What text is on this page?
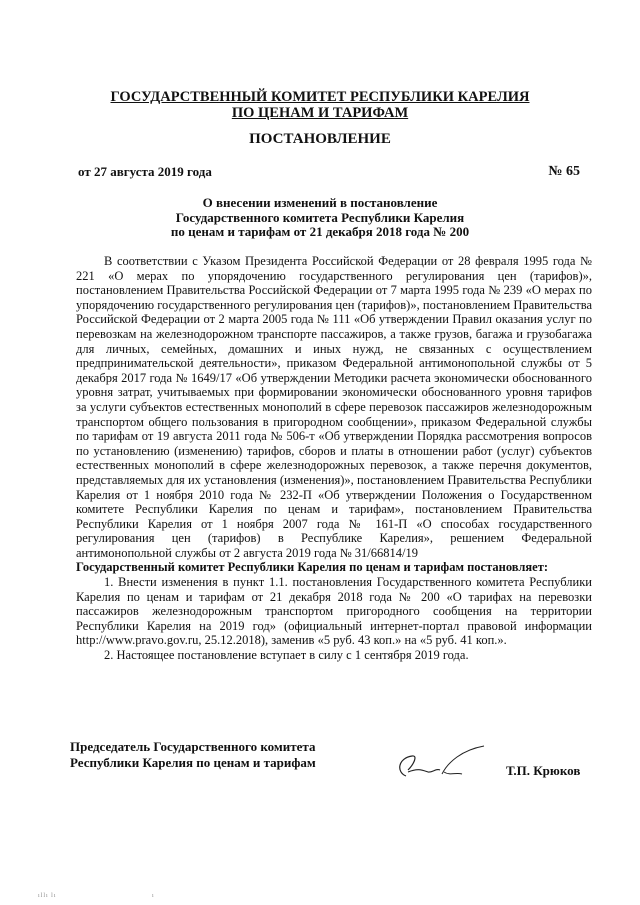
ГОСУДАРСТВЕННЫЙ КОМИТЕТ РЕСПУБЛИКИ КАРЕЛИЯ
ПО ЦЕНАМ И ТАРИФАМ
ПОСТАНОВЛЕНИЕ
от 27 августа 2019 года	№ 65
О внесении изменений в постановление
Государственного комитета Республики Карелия
по ценам и тарифам от 21 декабря 2018 года № 200

В соответствии с Указом Президента Российской Федерации от 28 февраля 1995 года № 221 «О мерах по упорядочению государственного регулирования цен (тарифов)», постановлением Правительства Российской Федерации от 7 марта 1995 года № 239 «О мерах по упорядочению государственного регулирования цен (тарифов)», постановлением Правительства Российской Федерации от 2 марта 2005 года № 111 «Об утверждении Правил оказания услуг по перевозкам на железнодорожном транспорте пассажиров, а также грузов, багажа и грузобагажа для личных, семейных, домашних и иных нужд, не связанных с осуществлением предпринимательской деятельности», приказом Федеральной антимонопольной службы от 5 декабря 2017 года № 1649/17 «Об утверждении Методики расчета экономически обоснованного уровня затрат, учитываемых при формировании экономически обоснованного уровня тарифов за услуги субъектов естественных монополий в сфере перевозок пассажиров железнодорожным транспортом общего пользования в пригородном сообщении», приказом Федеральной службы по тарифам от 19 августа 2011 года № 506-т «Об утверждении Порядка рассмотрения вопросов по установлению (изменению) тарифов, сборов и платы в отношении работ (услуг) субъектов естественных монополий в сфере железнодорожных перевозок, а также перечня документов, представляемых для их установления (изменения)», постановлением Правительства Республики Карелия от 1 ноября 2010 года № 232-П «Об утверждении Положения о Государственном комитете Республики Карелия по ценам и тарифам», постановлением Правительства Республики Карелия от 1 ноября 2007 года № 161-П «О способах государственного регулирования цен (тарифов) в Республике Карелия», решением Федеральной антимонопольной службы от 2 августа 2019 года № 31/66814/19

Государственный комитет Республики Карелия по ценам и тарифам постановляет:

1. Внести изменения в пункт 1.1. постановления Государственного комитета Республики Карелия по ценам и тарифам от 21 декабря 2018 года № 200 «О тарифах на перевозки пассажиров железнодорожным транспортом пригородного сообщения на территории Республики Карелия на 2019 год» (официальный интернет-портал правовой информации http://www.pravo.gov.ru, 25.12.2018), заменив «5 руб. 43 коп.» на «5 руб. 41 коп.».

2. Настоящее постановление вступает в силу с 1 сентября 2019 года.

Председатель Государственного комитета
Республики Карелия по ценам и тарифам
Т.П. Крюков
ıllı lı	ı
